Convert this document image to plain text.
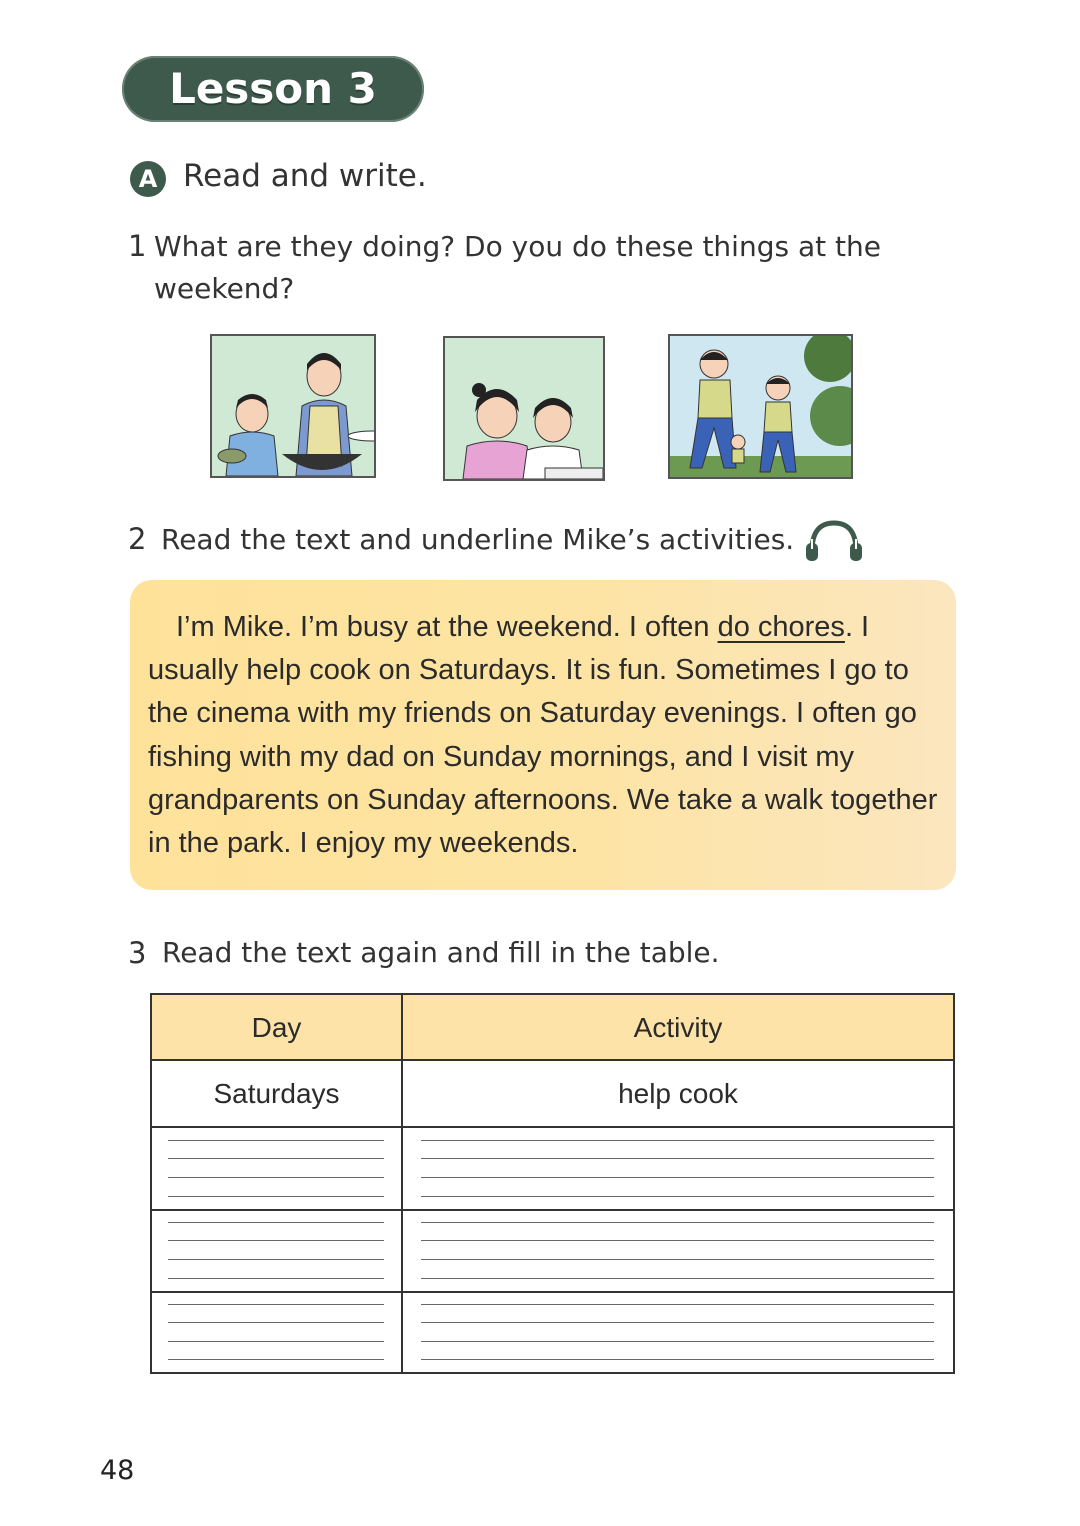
Lesson 3
A Read and write.
1 What are they doing? Do you do these things at the
weekend?
2 Read the text and underline Mike’s activities.
I’m Mike. I’m busy at the weekend. I often do chores. I usually help cook on Saturdays. It is fun. Sometimes I go to the cinema with my friends on Saturday evenings. I often go fishing with my dad on Sunday mornings, and I visit my grandparents on Sunday afternoons. We take a walk together in the park. I enjoy my weekends.
3 Read the text again and fill in the table.
Day	Activity
Saturdays	help cook
48
